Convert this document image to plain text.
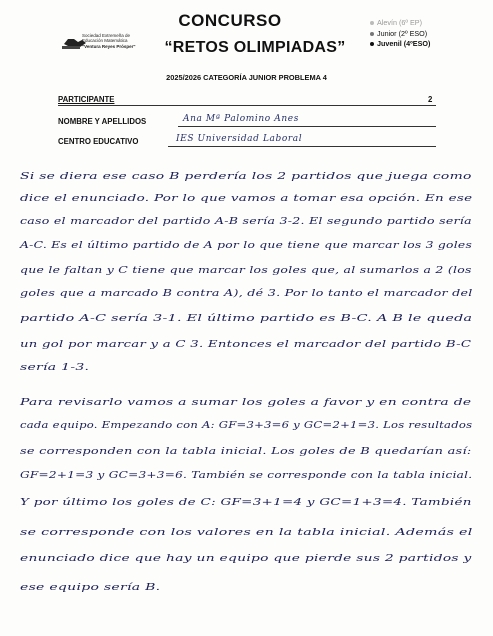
Sociedad Extremeña de
Educación Matemática
"Ventura Reyes Prósper"
CONCURSO
“RETOS OLIMPIADAS”
Alevín (6º EP)
Junior (2º ESO)
Juvenil (4ºESO)
2025/2026 CATEGORÍA JUNIOR PROBLEMA 4
PARTICIPANTE	2
NOMBRE Y APELLIDOS	Ana Mª Palomino Anes
CENTRO EDUCATIVO	IES Universidad Laboral
Si se diera ese caso B perdería los 2 partidos que juega como
dice el enunciado. Por lo que vamos a tomar esa opción. En ese
caso el marcador del partido A-B sería 3-2. El segundo partido sería
A-C. Es el último partido de A por lo que tiene que marcar los 3 goles
que le faltan y C tiene que marcar los goles que, al sumarlos a 2 (los
goles que a marcado B contra A), dé 3. Por lo tanto el marcador del
partido A-C sería 3-1. El último partido es B-C. A B le queda
un gol por marcar y a C 3. Entonces el marcador del partido B-C
sería 1-3.
Para revisarlo vamos a sumar los goles a favor y en contra de
cada equipo. Empezando con A: GF=3+3=6 y GC=2+1=3. Los resultados
se corresponden con la tabla inicial. Los goles de B quedarían así:
GF=2+1=3 y GC=3+3=6. También se corresponde con la tabla inicial.
Y por último los goles de C: GF=3+1=4 y GC=1+3=4. También
se corresponde con los valores en la tabla inicial. Además el
enunciado dice que hay un equipo que pierde sus 2 partidos y
ese equipo sería B.
